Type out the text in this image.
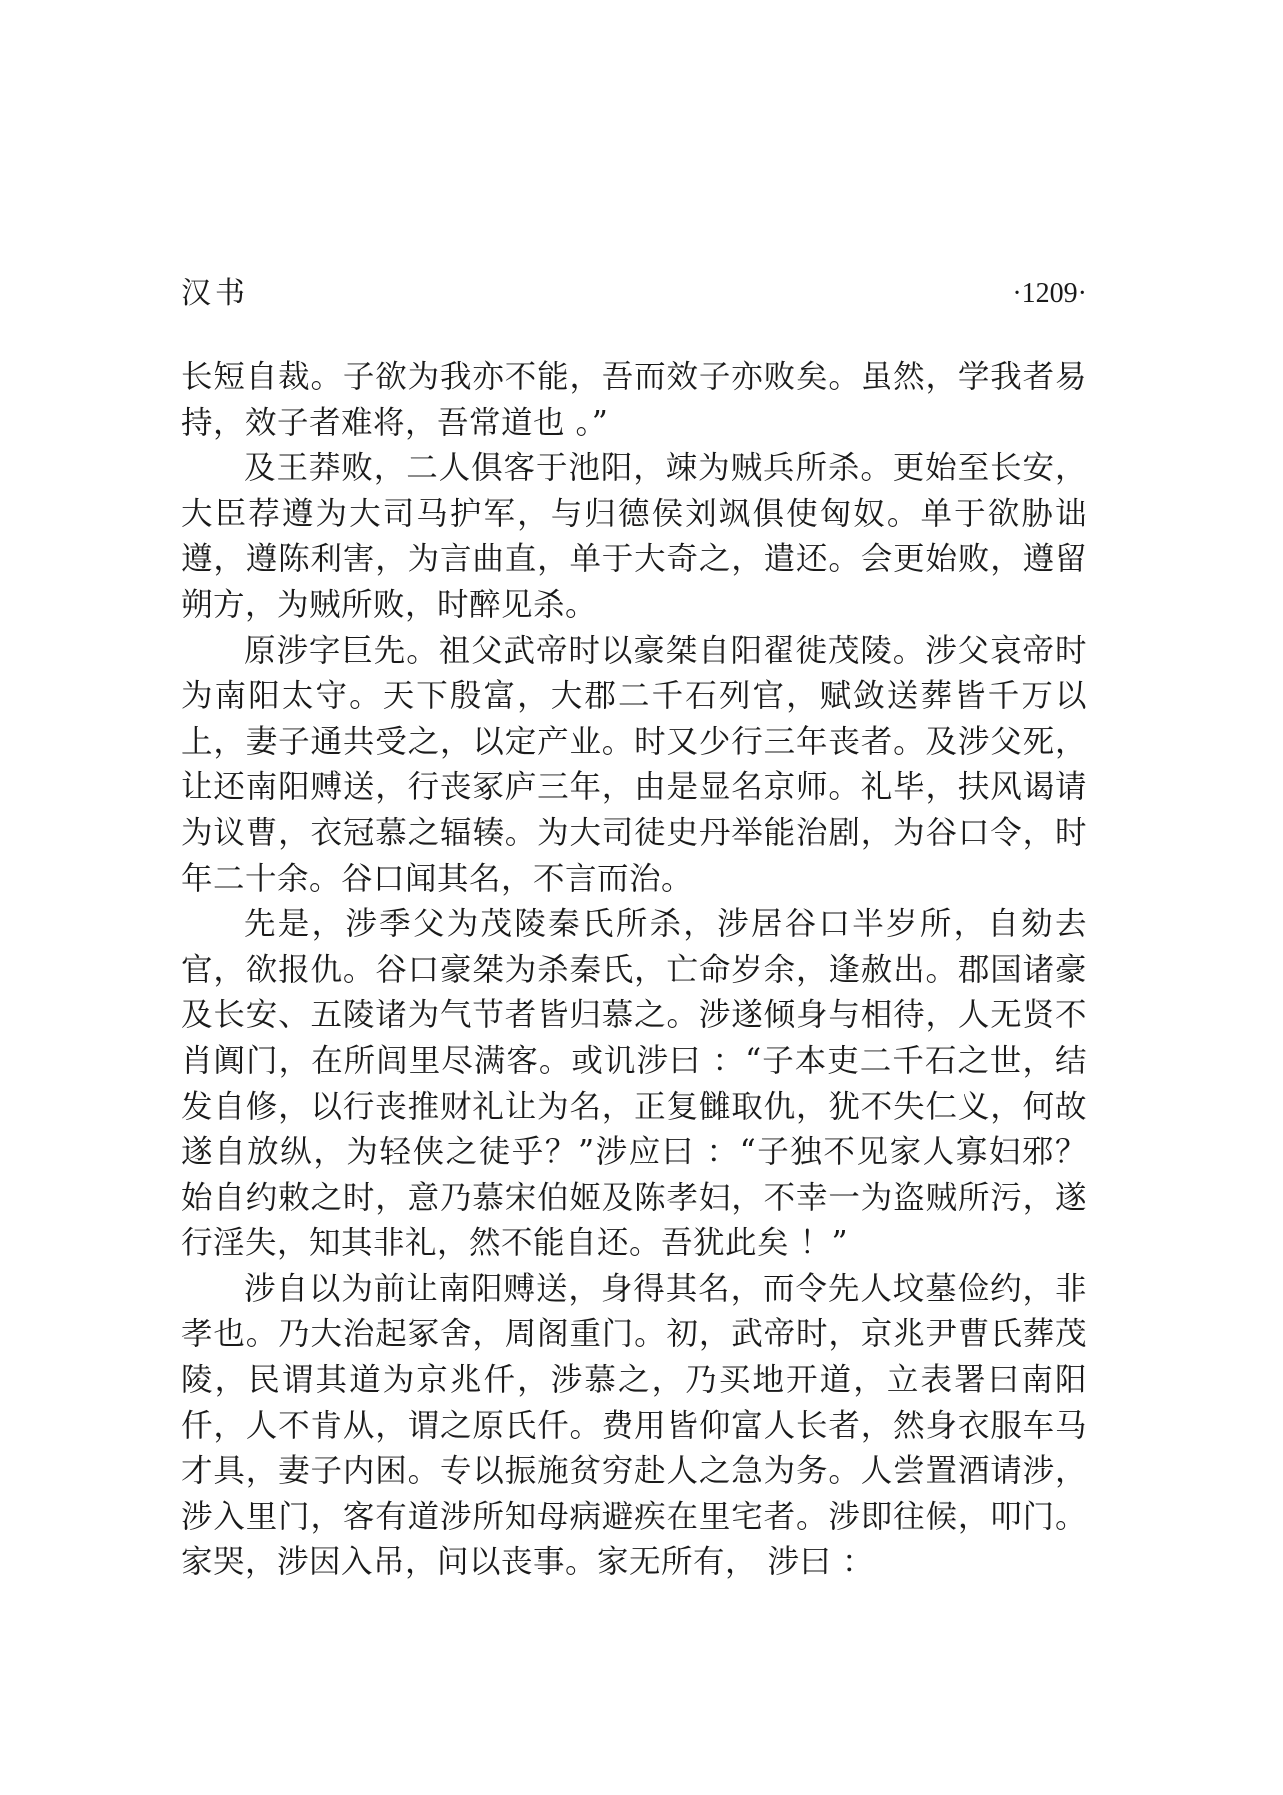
汉书	·1209·

长短自裁。子欲为我亦不能，吾而效子亦败矣。虽然，学我者易持，效子者难将，吾常道也 。”

及王莽败，二人俱客于池阳，竦为贼兵所杀。更始至长安，大臣荐遵为大司马护军，与归德侯刘飒俱使匈奴。单于欲胁诎遵，遵陈利害，为言曲直，单于大奇之，遣还。会更始败，遵留朔方，为贼所败，时醉见杀。

原涉字巨先。祖父武帝时以豪桀自阳翟徙茂陵。涉父哀帝时为南阳太守。天下殷富，大郡二千石列官，赋敛送葬皆千万以上，妻子通共受之，以定产业。时又少行三年丧者。及涉父死，让还南阳赙送，行丧冢庐三年，由是显名京师。礼毕，扶风谒请为议曹，衣冠慕之辐辏。为大司徒史丹举能治剧，为谷口令，时年二十余。谷口闻其名，不言而治。

先是，涉季父为茂陵秦氏所杀，涉居谷口半岁所，自劾去官，欲报仇。谷口豪桀为杀秦氏，亡命岁余，逢赦出。郡国诸豪及长安、五陵诸为气节者皆归慕之。涉遂倾身与相待，人无贤不肖阗门，在所闾里尽满客。或讥涉曰 ：“子本吏二千石之世，结发自修，以行丧推财礼让为名，正复雠取仇，犹不失仁义，何故遂自放纵，为轻侠之徒乎？”涉应曰 ：“子独不见家人寡妇邪？始自约敕之时，意乃慕宋伯姬及陈孝妇，不幸一为盗贼所污，遂行淫失，知其非礼，然不能自还。吾犹此矣 ！”

涉自以为前让南阳赙送，身得其名，而令先人坟墓俭约，非孝也。乃大治起冢舍，周阁重门。初，武帝时，京兆尹曹氏葬茂陵，民谓其道为京兆仟，涉慕之，乃买地开道，立表署曰南阳仟，人不肯从，谓之原氏仟。费用皆仰富人长者，然身衣服车马才具，妻子内困。专以振施贫穷赴人之急为务。人尝置酒请涉，涉入里门，客有道涉所知母病避疾在里宅者。涉即往候，叩门。家哭，涉因入吊，问以丧事。家无所有， 涉曰 ：
